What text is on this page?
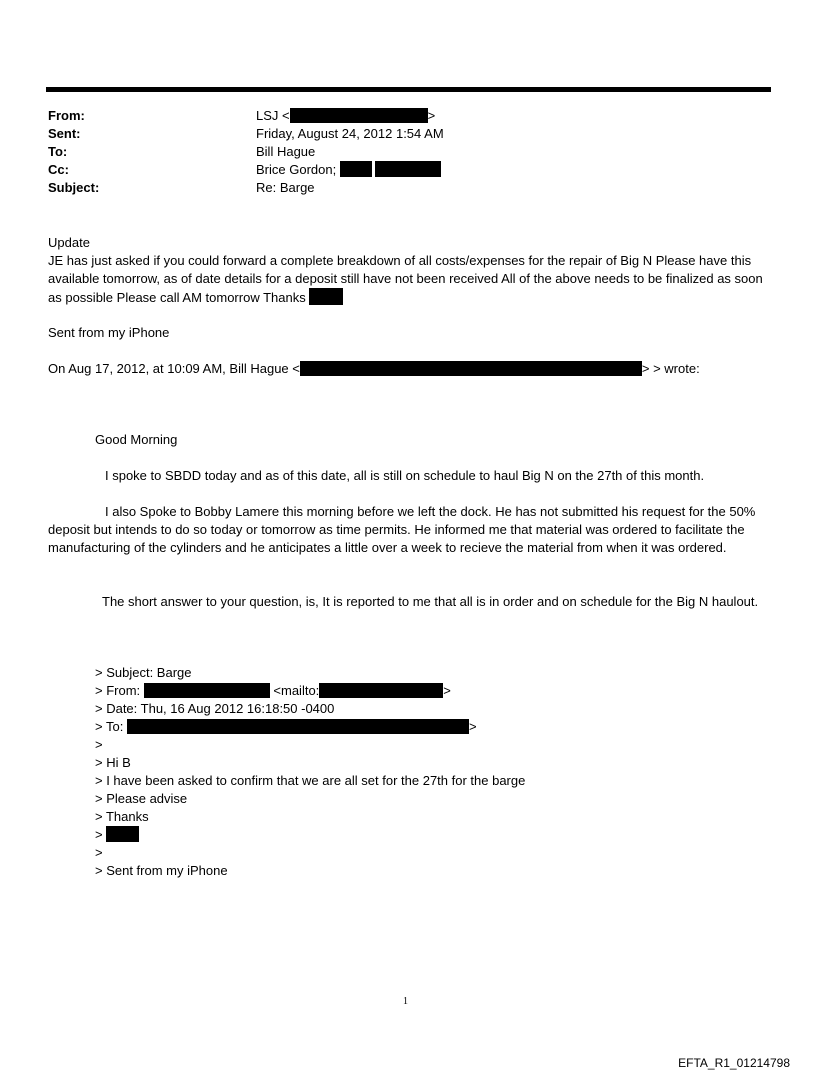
From:	LSJ <	>
Sent:	Friday, August 24, 2012 1:54 AM
To:	Bill Hague
Cc:	Brice Gordon;
Subject:	Re: Barge
Update
JE has just asked if you could forward a complete breakdown of all costs/expenses for the repair of Big N Please have this available tomorrow, as of date details for a deposit still have not been received All of the above needs to be finalized as soon as possible Please call AM tomorrow Thanks
Sent from my iPhone
On Aug 17, 2012, at 10:09 AM, Bill Hague <	> > wrote:
Good Morning
I spoke to SBDD today and as of this date, all is still on schedule to haul Big N on the 27th of this month.
I also Spoke to Bobby Lamere this morning before we left the dock. He has not submitted his request for the 50% deposit but intends to do so today or tomorrow as time permits. He informed me that material was ordered to facilitate the manufacturing of the cylinders and he anticipates a little over a week to recieve the material from when it was ordered.
The short answer to your question, is, It is reported to me that all is in order and on schedule for the Big N haulout.
> Subject: Barge
> From:	<mailto:	>
> Date: Thu, 16 Aug 2012 16:18:50 -0400
> To:	>
>
> Hi B
> I have been asked to confirm that we are all set for the 27th for the barge
> Please advise
> Thanks
>
>
> Sent from my iPhone
1
EFTA_R1_01214798
